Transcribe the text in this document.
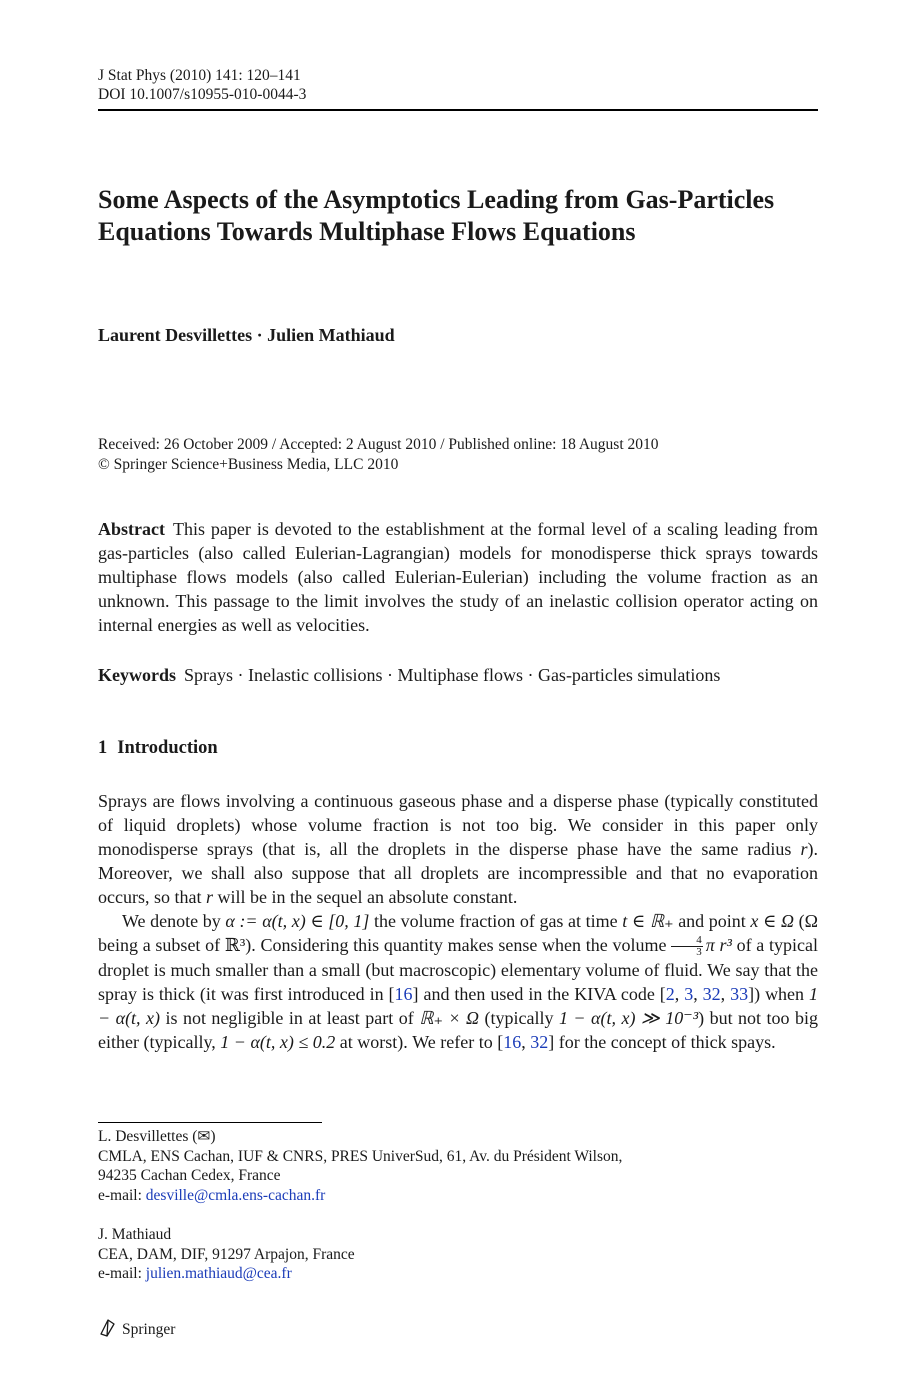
J Stat Phys (2010) 141: 120–141
DOI 10.1007/s10955-010-0044-3
Some Aspects of the Asymptotics Leading from Gas-Particles Equations Towards Multiphase Flows Equations
Laurent Desvillettes · Julien Mathiaud
Received: 26 October 2009 / Accepted: 2 August 2010 / Published online: 18 August 2010
© Springer Science+Business Media, LLC 2010

Abstract This paper is devoted to the establishment at the formal level of a scaling leading from gas-particles (also called Eulerian-Lagrangian) models for monodisperse thick sprays towards multiphase flows models (also called Eulerian-Eulerian) including the volume fraction as an unknown. This passage to the limit involves the study of an inelastic collision operator acting on internal energies as well as velocities.

Keywords Sprays · Inelastic collisions · Multiphase flows · Gas-particles simulations

1 Introduction

Sprays are flows involving a continuous gaseous phase and a disperse phase (typically constituted of liquid droplets) whose volume fraction is not too big. We consider in this paper only monodisperse sprays (that is, all the droplets in the disperse phase have the same radius r). Moreover, we shall also suppose that all droplets are incompressible and that no evaporation occurs, so that r will be in the sequel an absolute constant.

We denote by α := α(t, x) ∈ [0, 1] the volume fraction of gas at time t ∈ ℝ₊ and point x ∈ Ω (Ω being a subset of ℝ³). Considering this quantity makes sense when the volume $\frac{4}{3}$ π r³ of a typical droplet is much smaller than a small (but macroscopic) elementary volume of fluid. We say that the spray is thick (it was first introduced in [16] and then used in the KIVA code [2, 3, 32, 33]) when 1 − α(t, x) is not negligible in at least part of ℝ₊ × Ω (typically 1 − α(t, x) ≫ 10⁻³) but not too big either (typically, 1 − α(t, x) ≤ 0.2 at worst). We refer to [16, 32] for the concept of thick spays.

L. Desvillettes (✉)
CMLA, ENS Cachan, IUF & CNRS, PRES UniverSud, 61, Av. du Président Wilson,
94235 Cachan Cedex, France
e-mail: desville@cmla.ens-cachan.fr
J. Mathiaud
CEA, DAM, DIF, 91297 Arpajon, France
e-mail: julien.mathiaud@cea.fr
Springer
